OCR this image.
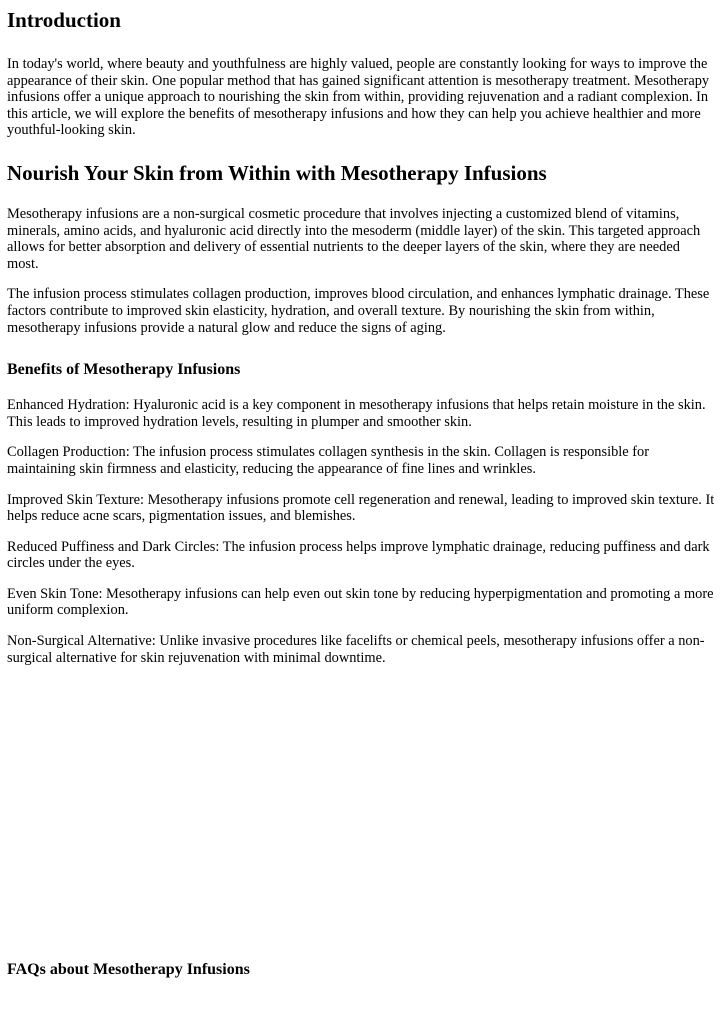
Introduction

In today's world, where beauty and youthfulness are highly valued, people are constantly looking for ways to improve the appearance of their skin. One popular method that has gained significant attention is mesotherapy treatment. Mesotherapy infusions offer a unique approach to nourishing the skin from within, providing rejuvenation and a radiant complexion. In this article, we will explore the benefits of mesotherapy infusions and how they can help you achieve healthier and more youthful-looking skin.

Nourish Your Skin from Within with Mesotherapy Infusions

Mesotherapy infusions are a non-surgical cosmetic procedure that involves injecting a customized blend of vitamins, minerals, amino acids, and hyaluronic acid directly into the mesoderm (middle layer) of the skin. This targeted approach allows for better absorption and delivery of essential nutrients to the deeper layers of the skin, where they are needed most.

The infusion process stimulates collagen production, improves blood circulation, and enhances lymphatic drainage. These factors contribute to improved skin elasticity, hydration, and overall texture. By nourishing the skin from within, mesotherapy infusions provide a natural glow and reduce the signs of aging.

Benefits of Mesotherapy Infusions

Enhanced Hydration: Hyaluronic acid is a key component in mesotherapy infusions that helps retain moisture in the skin. This leads to improved hydration levels, resulting in plumper and smoother skin.

Collagen Production: The infusion process stimulates collagen synthesis in the skin. Collagen is responsible for maintaining skin firmness and elasticity, reducing the appearance of fine lines and wrinkles.

Improved Skin Texture: Mesotherapy infusions promote cell regeneration and renewal, leading to improved skin texture. It helps reduce acne scars, pigmentation issues, and blemishes.

Reduced Puffiness and Dark Circles: The infusion process helps improve lymphatic drainage, reducing puffiness and dark circles under the eyes.

Even Skin Tone: Mesotherapy infusions can help even out skin tone by reducing hyperpigmentation and promoting a more uniform complexion.

Non-Surgical Alternative: Unlike invasive procedures like facelifts or chemical peels, mesotherapy infusions offer a non-surgical alternative for skin rejuvenation with minimal downtime.

FAQs about Mesotherapy Infusions
